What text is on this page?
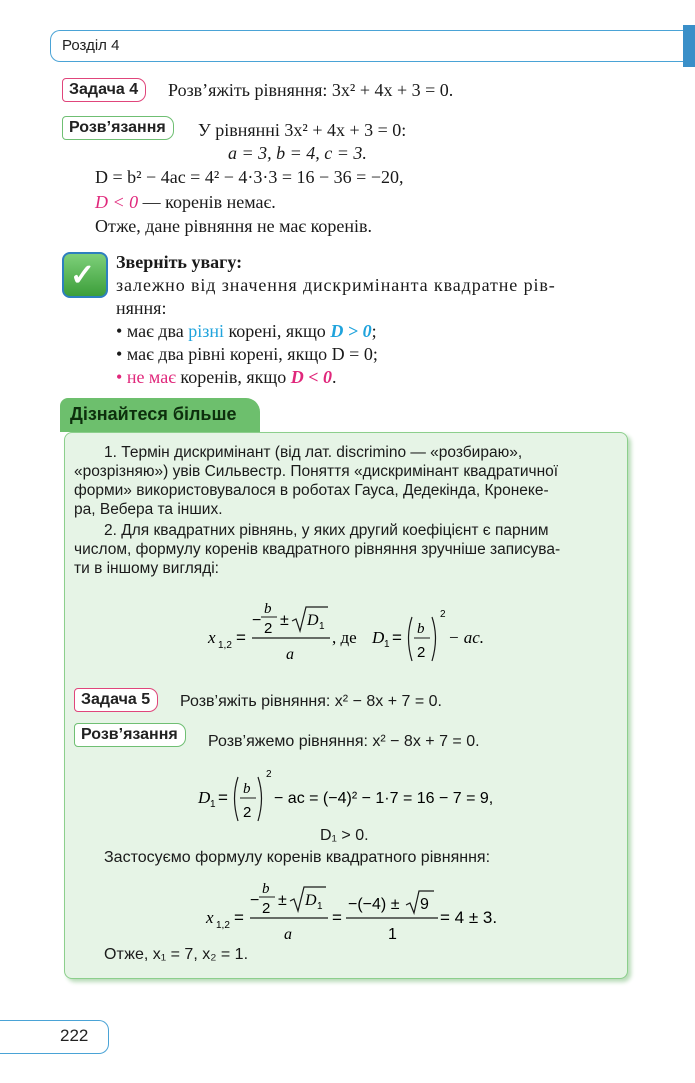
Розділ 4
Задача 4	Розв’яжіть рівняння: 3x² + 4x + 3 = 0.
Розв’язання	У рівнянні 3x² + 4x + 3 = 0:
a = 3, b = 4, c = 3.
D = b² − 4ac = 4² − 4·3·3 = 16 − 36 = −20,
D < 0 — коренів немає.
Отже, дане рівняння не має коренів.
✓ Зверніть увагу:
залежно від значення дискримінанта квадратне рів-
няння:
• має два різні корені, якщо D > 0;
• має два рівні корені, якщо D = 0;
• не має коренів, якщо D < 0.
Дізнайтеся більше
1. Термін дискримінант (від лат. discrimino — «розбираю»,
«розрізняю») увів Сильвестр. Поняття «дискримінант квадратичної
форми» використовувалося в роботах Гауса, Дедекінда, Кронеке-
ра, Вебера та інших.
2. Для квадратних рівнянь, у яких другий коефіцієнт є парним
числом, формулу коренів квадратного рівняння зручніше записува-
ти в іншому вигляді:
x 1,2 =
−
b
2 ± D 1
a
, де D 1 = b
2
2
− ac.
Задача 5	Розв’яжіть рівняння: x² − 8x + 7 = 0.
Розв’язання	Розв’яжемо рівняння: x² − 8x + 7 = 0.
D 1 = b
2
2
− ac = (−4)² − 1·7 = 16 − 7 = 9,
D₁ > 0.
Застосуємо формулу коренів квадратного рівняння:
x 1,2 =
−
b
2 ± D 1
a
=
−(−4) ± 9
1
= 4 ± 3.
Отже, x₁ = 7, x₂ = 1.
222
